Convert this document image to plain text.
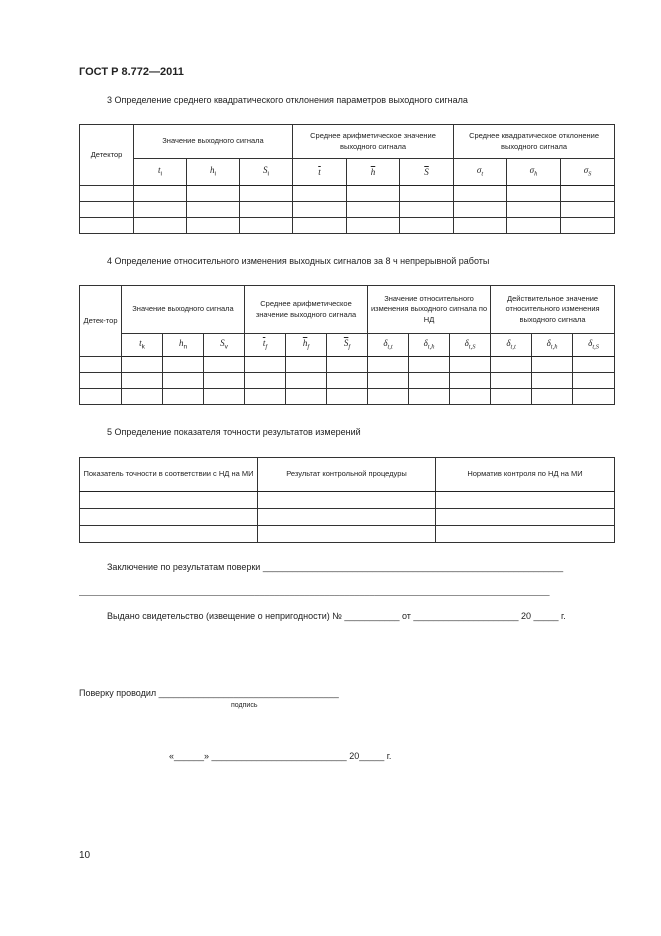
ГОСТ Р 8.772—2011
3 Определение среднего квадратического отклонения параметров выходного сигнала
Детектор	Значение выходного сигнала			Среднее арифметическое значение выходного сигнала			Среднее квадратическое отклонение выходного сигнала		
	$t_i$	$h_i$	$S_i$	$\overline{t}$	$\overline{h}$	$\overline{S}$	$\sigma_t$	$\sigma_h$	$\sigma_S$

4 Определение относительного изменения выходных сигналов за 8 ч непрерывной работы
Детек-тор	Значение выходного сигнала			Среднее арифметическое значение выходного сигнала			Значение относительного изменения выходного сигнала по НД			Действительное значение относительного изменения выходного сигнала		
	$t_k$	$h_n$	$S_v$	$\overline{t}_f$	$\overline{h}_f$	$\overline{S}_f$	$\delta_{t,t}$	$\delta_{t,h}$	$\delta_{t,S}$	$\delta_{t,t}$	$\delta_{t,h}$	$\delta_{t,S}$

5 Определение показателя точности результатов измерений
Показатель точности в соответствии с НД на МИ	Результат контрольной процедуры	Норматив контроля по НД на МИ

Заключение по результатам поверки ____________________________________________________________
______________________________________________________________________________________________
Выдано свидетельство (извещение о непригодности) № ___________ от _____________________ 20 _____ г.
Поверку проводил ____________________________________
подпись
«______» ___________________________ 20_____ г.
10
